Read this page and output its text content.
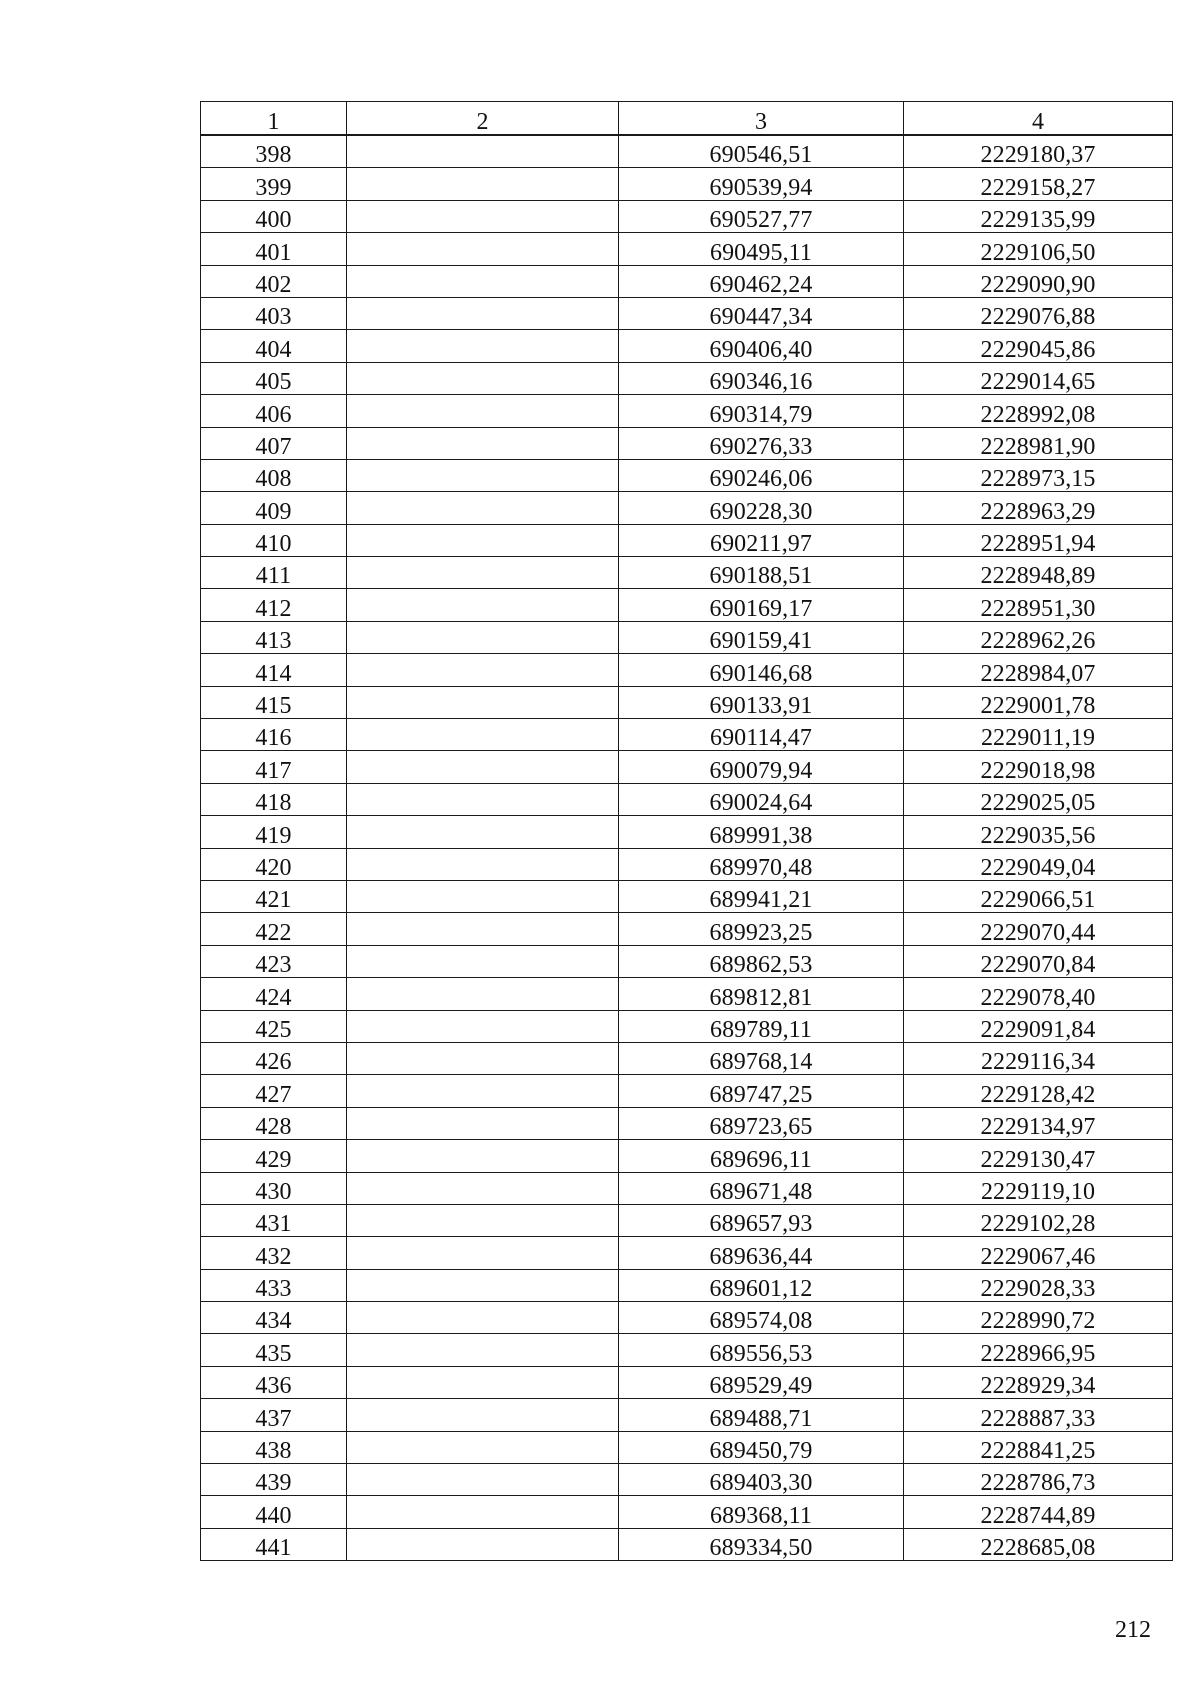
1	2	3	4
398		690546,51	2229180,37
399		690539,94	2229158,27
400		690527,77	2229135,99
401		690495,11	2229106,50
402		690462,24	2229090,90
403		690447,34	2229076,88
404		690406,40	2229045,86
405		690346,16	2229014,65
406		690314,79	2228992,08
407		690276,33	2228981,90
408		690246,06	2228973,15
409		690228,30	2228963,29
410		690211,97	2228951,94
411		690188,51	2228948,89
412		690169,17	2228951,30
413		690159,41	2228962,26
414		690146,68	2228984,07
415		690133,91	2229001,78
416		690114,47	2229011,19
417		690079,94	2229018,98
418		690024,64	2229025,05
419		689991,38	2229035,56
420		689970,48	2229049,04
421		689941,21	2229066,51
422		689923,25	2229070,44
423		689862,53	2229070,84
424		689812,81	2229078,40
425		689789,11	2229091,84
426		689768,14	2229116,34
427		689747,25	2229128,42
428		689723,65	2229134,97
429		689696,11	2229130,47
430		689671,48	2229119,10
431		689657,93	2229102,28
432		689636,44	2229067,46
433		689601,12	2229028,33
434		689574,08	2228990,72
435		689556,53	2228966,95
436		689529,49	2228929,34
437		689488,71	2228887,33
438		689450,79	2228841,25
439		689403,30	2228786,73
440		689368,11	2228744,89
441		689334,50	2228685,08
212
